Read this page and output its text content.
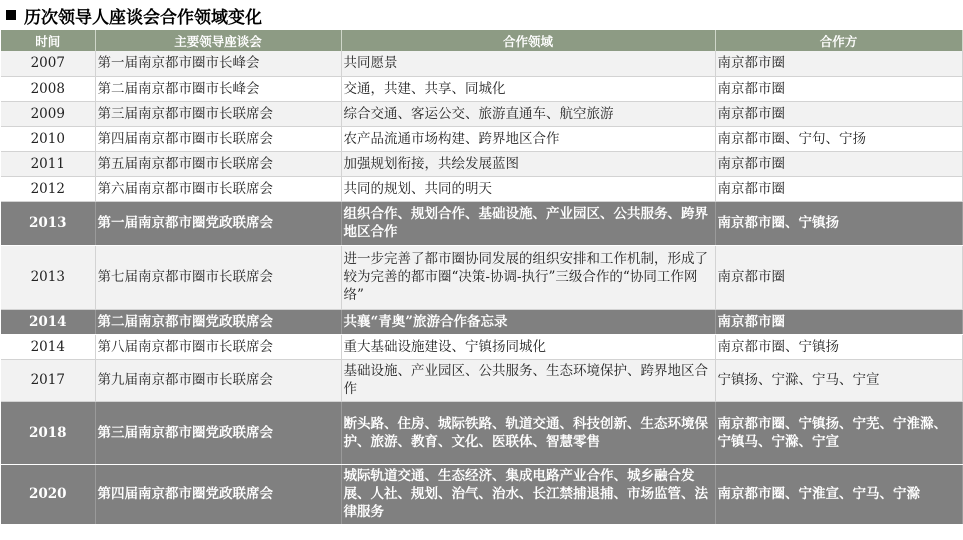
历次领导人座谈会合作领域变化
时间	主要领导座谈会	合作领域	合作方
2007	第一届南京都市圈市长峰会	共同愿景	南京都市圈
2008	第二届南京都市圈市长峰会	交通，共建、共享、同城化	南京都市圈
2009	第三届南京都市圈市长联席会	综合交通、客运公交、旅游直通车、航空旅游	南京都市圈
2010	第四届南京都市圈市长联席会	农产品流通市场构建、跨界地区合作	南京都市圈、宁句、宁扬
2011	第五届南京都市圈市长联席会	加强规划衔接，共绘发展蓝图	南京都市圈
2012	第六届南京都市圈市长联席会	共同的规划、共同的明天	南京都市圈
2013	第一届南京都市圈党政联席会	组织合作、规划合作、基础设施、产业园区、公共服务、跨界地区合作	南京都市圈、宁镇扬
2013	第七届南京都市圈市长联席会	进一步完善了都市圈协同发展的组织安排和工作机制，形成了较为完善的都市圈“决策-协调-执行”三级合作的“协同工作网络”	南京都市圈
2014	第二届南京都市圈党政联席会	共襄“青奥”旅游合作备忘录	南京都市圈
2014	第八届南京都市圈市长联席会	重大基础设施建设、宁镇扬同城化	南京都市圈、宁镇扬
2017	第九届南京都市圈市长联席会	基础设施、产业园区、公共服务、生态环境保护、跨界地区合作	宁镇扬、宁滁、宁马、宁宣
2018	第三届南京都市圈党政联席会	断头路、住房、城际铁路、轨道交通、科技创新、生态环境保护、旅游、教育、文化、医联体、智慧零售	南京都市圈、宁镇扬、宁芜、宁淮滁、宁镇马、宁滁、宁宣
2020	第四届南京都市圈党政联席会	城际轨道交通、生态经济、集成电路产业合作、城乡融合发展、人社、规划、治气、治水、长江禁捕退捕、市场监管、法律服务	南京都市圈、宁淮宣、宁马、宁滁
